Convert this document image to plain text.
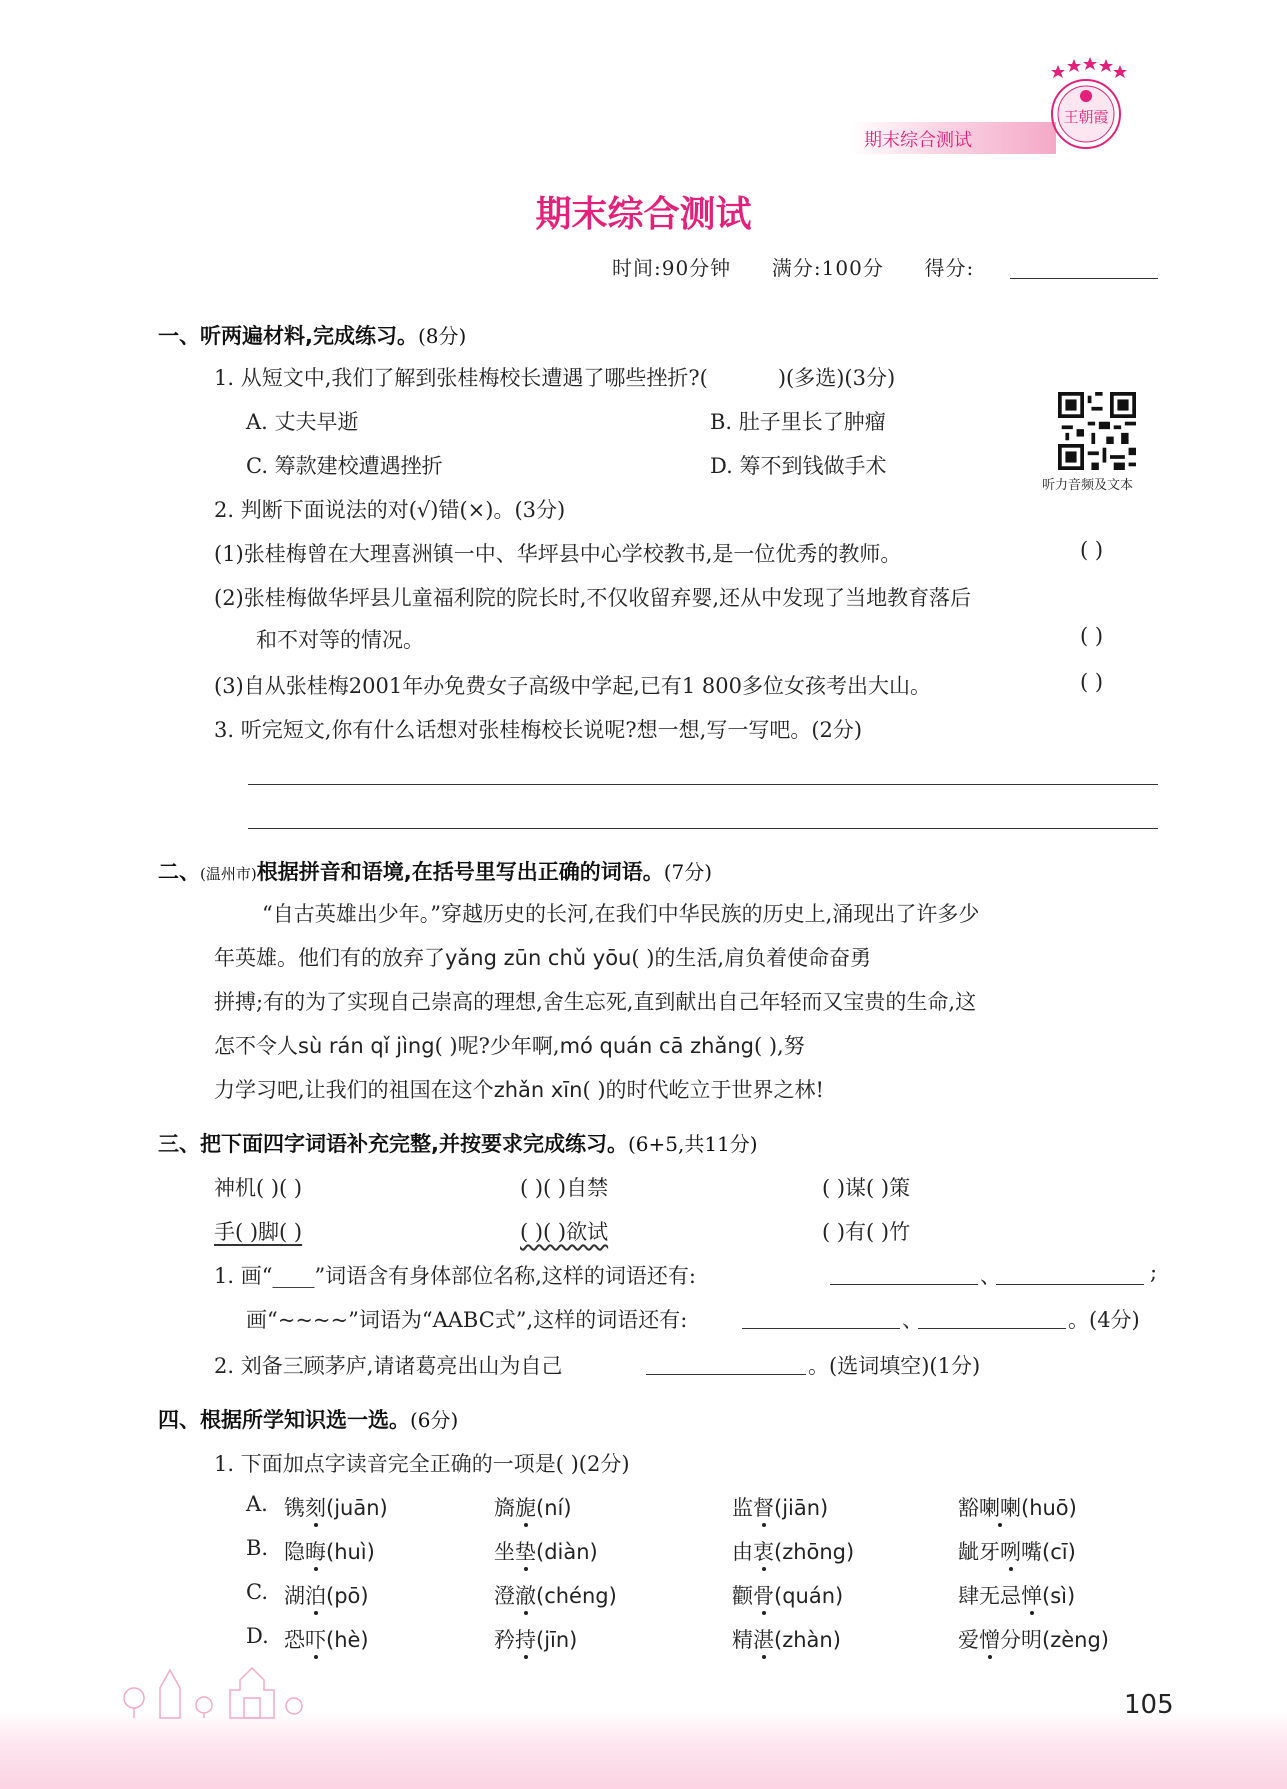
期末综合测试
王朝霞
期末综合测试
时间:90分钟 满分:100分 得分:
一、听两遍材料,完成练习。(8分)
1. 从短文中,我们了解到张桂梅校长遭遇了哪些挫折?(	)(多选)(3分)
A. 丈夫早逝	B. 肚子里长了肿瘤
C. 筹款建校遭遇挫折	D. 筹不到钱做手术
听力音频及文本
2. 判断下面说法的对(√)错(×)。(3分)
(1)张桂梅曾在大理喜洲镇一中、华坪县中心学校教书,是一位优秀的教师。	( )
(2)张桂梅做华坪县儿童福利院的院长时,不仅收留弃婴,还从中发现了当地教育落后
和不对等的情况。	( )
(3)自从张桂梅2001年办免费女子高级中学起,已有1 800多位女孩考出大山。	( )
3. 听完短文,你有什么话想对张桂梅校长说呢?想一想,写一写吧。(2分)
二、(温州市)根据拼音和语境,在括号里写出正确的词语。(7分)
“自古英雄出少年。”穿越历史的长河,在我们中华民族的历史上,涌现出了许多少
年英雄。他们有的放弃了yǎng zūn chǔ yōu( )的生活,肩负着使命奋勇
拼搏;有的为了实现自己崇高的理想,舍生忘死,直到献出自己年轻而又宝贵的生命,这
怎不令人sù rán qǐ jìng( )呢?少年啊,mó quán cā zhǎng( ),努
力学习吧,让我们的祖国在这个zhǎn xīn( )的时代屹立于世界之林!
三、把下面四字词语补充完整,并按要求完成练习。(6+5,共11分)
神机( )( )	( )( )自禁	( )谋( )策
手( )脚( )	( )( )欲试	( )有( )竹
1. 画“____”词语含有身体部位名称,这样的词语还有:	、	;
画“~~~~”词语为“AABC式”,这样的词语还有:	、	。(4分)
2. 刘备三顾茅庐,请诸葛亮出山为自己	。(选词填空)(1分)
四、根据所学知识选一选。(6分)
1. 下面加点字读音完全正确的一项是( )(2分)
A. 镌刻(juān)	旖旎(ní)	监督(jiān)	豁喇喇(huō)
B. 隐晦(huì)	坐垫(diàn)	由衷(zhōng)	龇牙咧嘴(cī)
C. 湖泊(pō)	澄澈(chéng)	颧骨(quán)	肆无忌惮(sì)
D. 恐吓(hè)	矜持(jīn)	精湛(zhàn)	爱憎分明(zèng)
105
